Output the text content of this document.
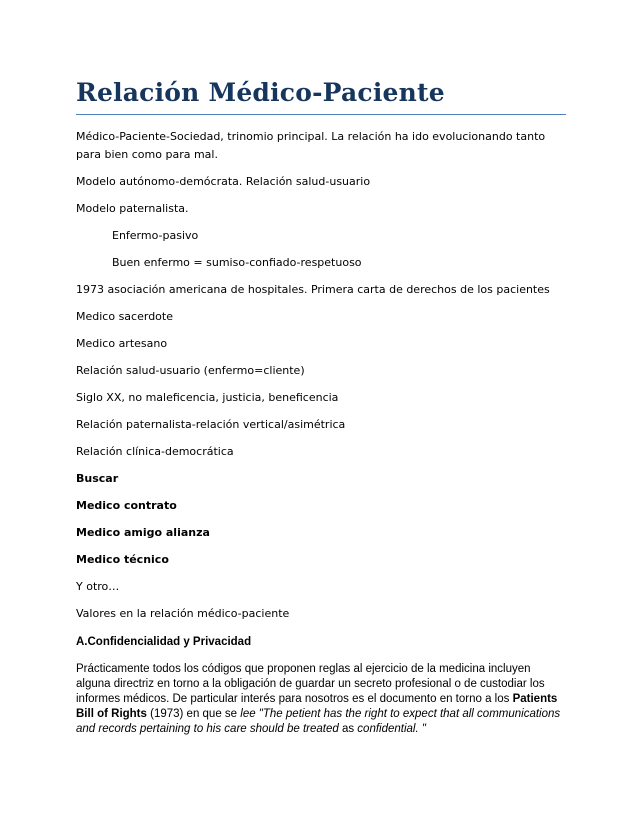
Relación Médico-Paciente

Médico-Paciente-Sociedad, trinomio principal. La relación ha ido evolucionando tanto para bien como para mal.

Modelo autónomo-demócrata. Relación salud-usuario

Modelo paternalista.

Enfermo-pasivo

Buen enfermo = sumiso-confiado-respetuoso

1973 asociación americana de hospitales. Primera carta de derechos de los pacientes

Medico sacerdote

Medico artesano

Relación salud-usuario (enfermo=cliente)

Siglo XX, no maleficencia, justicia, beneficencia

Relación paternalista-relación vertical/asimétrica

Relación clínica-democrática

Buscar

Medico contrato

Medico amigo alianza

Medico técnico

Y otro…

Valores en la relación médico-paciente

A.Confidencialidad y Privacidad

Prácticamente todos los códigos que proponen reglas al ejercicio de la medicina incluyen alguna directriz en torno a la obligación de guardar un secreto profesional o de custodiar los informes médicos. De particular interés para nosotros es el documento en torno a los Patients Bill of Rights (1973) en que se lee "The petient has the right to expect that all communications and records pertaining to his care should be treated as confidential. "
